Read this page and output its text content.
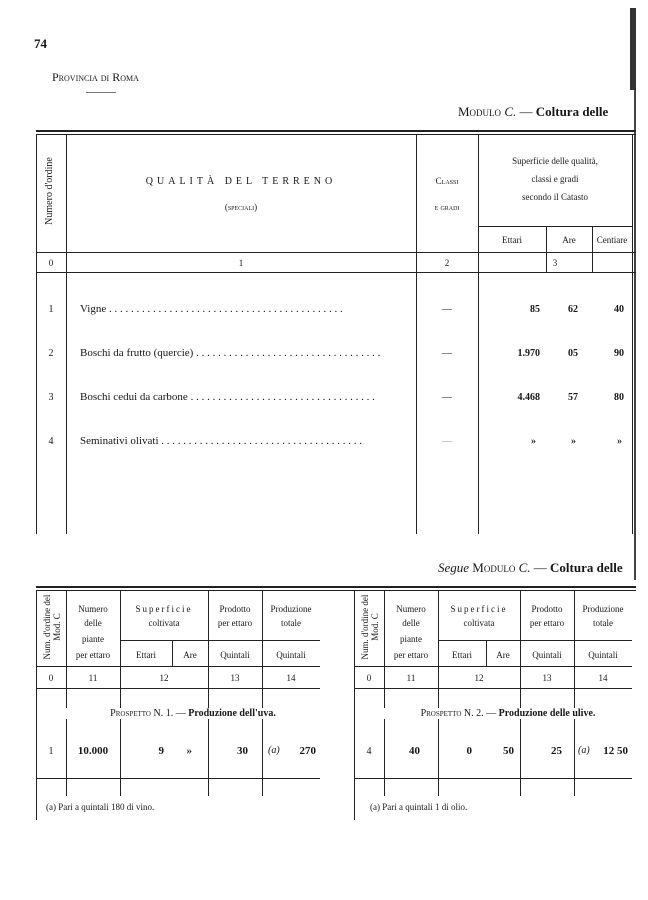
74
Provincia di Roma
Modulo C. — Coltura delle
Numero d'ordine	QUALITÀ DEL TERRENO
(speciali)
Classi
e gradi
Superficie delle qualità,
classi e gradi
secondo il Catasto
Ettari	Are	Centiare
0	1	2	3
1	Vigne . . . . . . . . . . . . . . . . . . . . . . . . . . . . . . . . . . . . . . . . . . .	—	85	62	40
2	Boschi da frutto (quercie) . . . . . . . . . . . . . . . . . . . . . . . . . . . . . . . . . .	—	1.970	05	90
3	Boschi cedui da carbone . . . . . . . . . . . . . . . . . . . . . . . . . . . . . . . . . .	—	4.468	57	80
4	Seminativi olivati . . . . . . . . . . . . . . . . . . . . . . . . . . . . . . . . . . . . .	—	»	»	»
Segue Modulo C. — Coltura delle
Num. d'ordine del Mod. C
Numero
delle
piante
per ettaro
Superficie
coltivata
Prodotto
per ettaro
Produzione
totale
Ettari	Are	Quintali	Quintali
0	11	12	13	14
Prospetto N. 1. — Produzione dell'uva.
1	10.000	9	»	30 (a)	270
(a) Pari a quintali 180 di vino.
Num. d'ordine del Mod. C
Numero
delle
piante
per ettaro
Superficie
coltivata
Prodotto
per ettaro
Produzione
totale
Ettari	Are	Quintali	Quintali
0	11	12	13	14
Prospetto N. 2. — Produzione delle ulive.
4	40	0	50	25 (a)	12 50
(a) Pari a quintali 1 di olio.
